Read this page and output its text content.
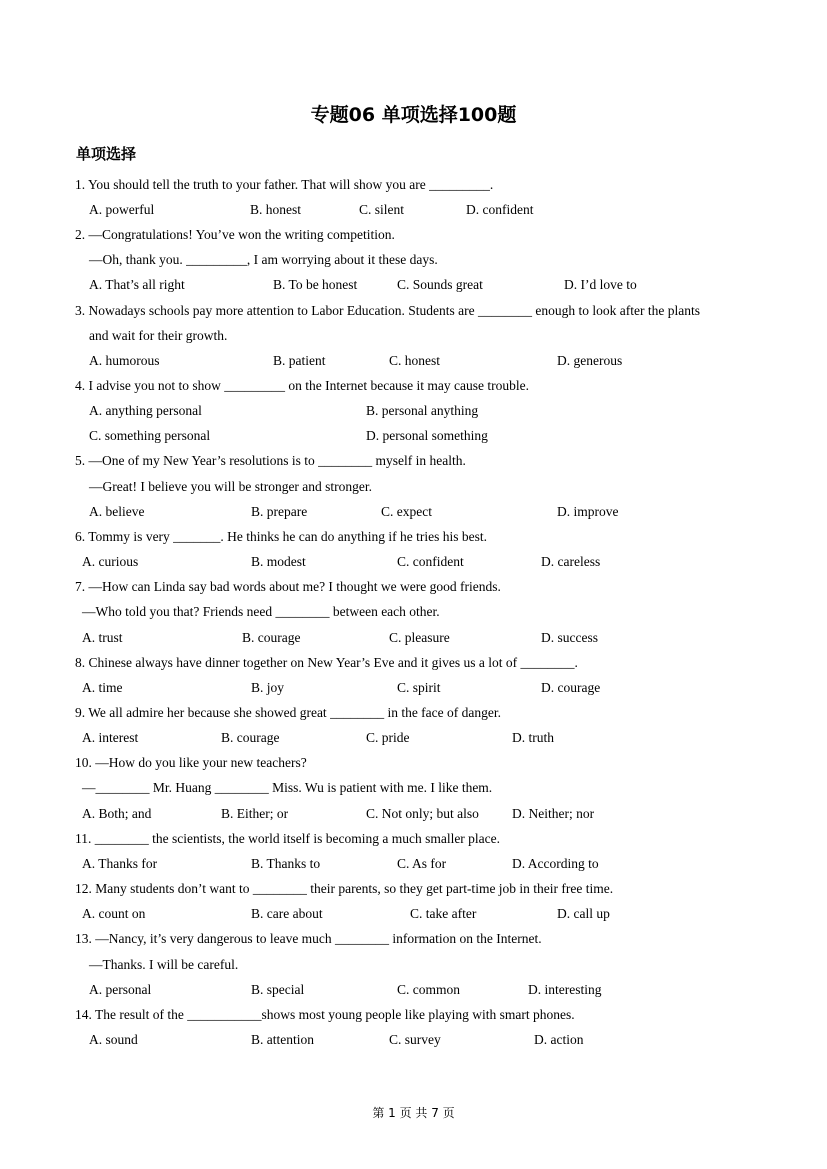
专题06 单项选择100题
单项选择
1. You should tell the truth to your father. That will show you are _________.
A. powerful	B. honest	C. silent	D. confident
2. —Congratulations! You’ve won the writing competition.
—Oh, thank you. _________, I am worrying about it these days.
A. That’s all right	B. To be honest	C. Sounds great	D. I’d love to
3. Nowadays schools pay more attention to Labor Education. Students are ________ enough to look after the plants
and wait for their growth.
A. humorous	B. patient	C. honest	D. generous
4. I advise you not to show _________ on the Internet because it may cause trouble.
A. anything personal	B. personal anything
C. something personal	D. personal something
5. —One of my New Year’s resolutions is to ________ myself in health.
—Great! I believe you will be stronger and stronger.
A. believe	B. prepare	C. expect	D. improve
6. Tommy is very _______. He thinks he can do anything if he tries his best.
A. curious	B. modest	C. confident	D. careless
7. —How can Linda say bad words about me? I thought we were good friends.
—Who told you that? Friends need ________ between each other.
A. trust	B. courage	C. pleasure	D. success
8. Chinese always have dinner together on New Year’s Eve and it gives us a lot of ________.
A. time	B. joy	C. spirit	D. courage
9. We all admire her because she showed great ________ in the face of danger.
A. interest	B. courage	C. pride	D. truth
10. —How do you like your new teachers?
—________ Mr. Huang ________ Miss. Wu is patient with me. I like them.
A. Both; and	B. Either; or	C. Not only; but also D. Neither; nor
11. ________ the scientists, the world itself is becoming a much smaller place.
A. Thanks for	B. Thanks to	C. As for	D. According to
12. Many students don’t want to ________ their parents, so they get part-time job in their free time.
A. count on	B. care about	C. take after	D. call up
13. —Nancy, it’s very dangerous to leave much ________ information on the Internet.
—Thanks. I will be careful.
A. personal	B. special	C. common	D. interesting
14. The result of the ___________shows most young people like playing with smart phones.
A. sound	B. attention	C. survey	D. action
第 1 页 共 7 页
